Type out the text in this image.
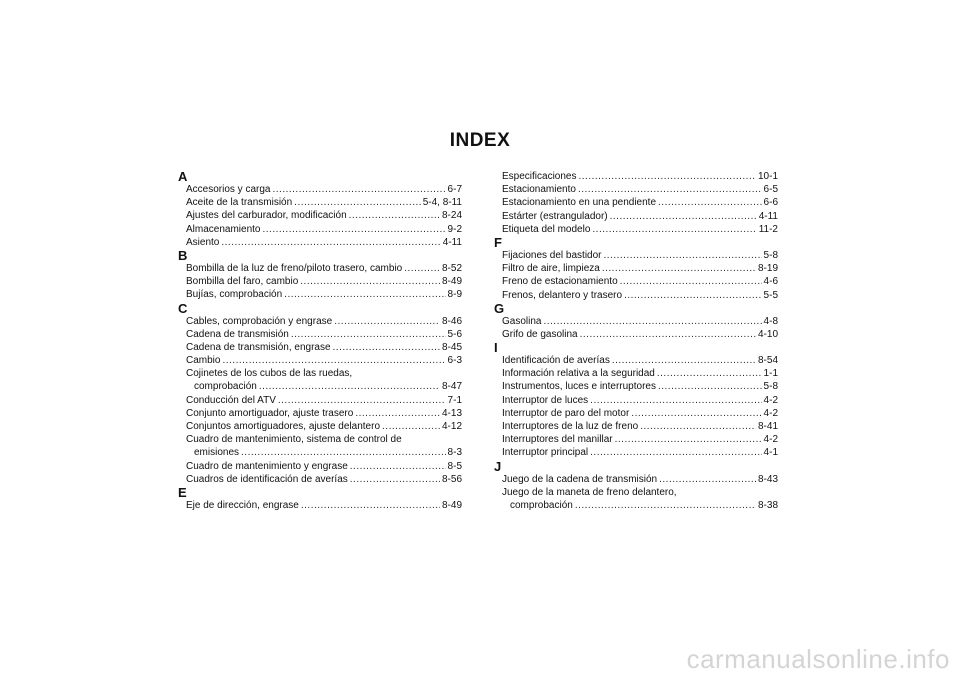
INDEX
A
Accesorios y carga .....	6-7
Aceite de la transmisión .....	5-4, 8-11
Ajustes del carburador, modificación .....	8-24
Almacenamiento .....	9-2
Asiento .....	4-11
B
Bombilla de la luz de freno/piloto trasero, cambio .....	8-52
Bombilla del faro, cambio .....	8-49
Bujías, comprobación .....	8-9
C
Cables, comprobación y engrase .....	8-46
Cadena de transmisión .....	5-6
Cadena de transmisión, engrase .....	8-45
Cambio .....	6-3
Cojinetes de los cubos de las ruedas,
comprobación .....	8-47
Conducción del ATV .....	7-1
Conjunto amortiguador, ajuste trasero .....	4-13
Conjuntos amortiguadores, ajuste delantero .....	4-12
Cuadro de mantenimiento, sistema de control de
emisiones .....	8-3
Cuadro de mantenimiento y engrase .....	8-5
Cuadros de identificación de averías .....	8-56
E
Eje de dirección, engrase .....	8-49
Especificaciones .....	10-1
Estacionamiento .....	6-5
Estacionamiento en una pendiente .....	6-6
Estárter (estrangulador) .....	4-11
Etiqueta del modelo .....	11-2
F
Fijaciones del bastidor .....	5-8
Filtro de aire, limpieza .....	8-19
Freno de estacionamiento .....	4-6
Frenos, delantero y trasero .....	5-5
G
Gasolina .....	4-8
Grifo de gasolina .....	4-10
I
Identificación de averías .....	8-54
Información relativa a la seguridad .....	1-1
Instrumentos, luces e interruptores .....	5-8
Interruptor de luces .....	4-2
Interruptor de paro del motor .....	4-2
Interruptores de la luz de freno .....	8-41
Interruptores del manillar .....	4-2
Interruptor principal .....	4-1
J
Juego de la cadena de transmisión .....	8-43
Juego de la maneta de freno delantero,
comprobación .....	8-38
carmanualsonline.info
